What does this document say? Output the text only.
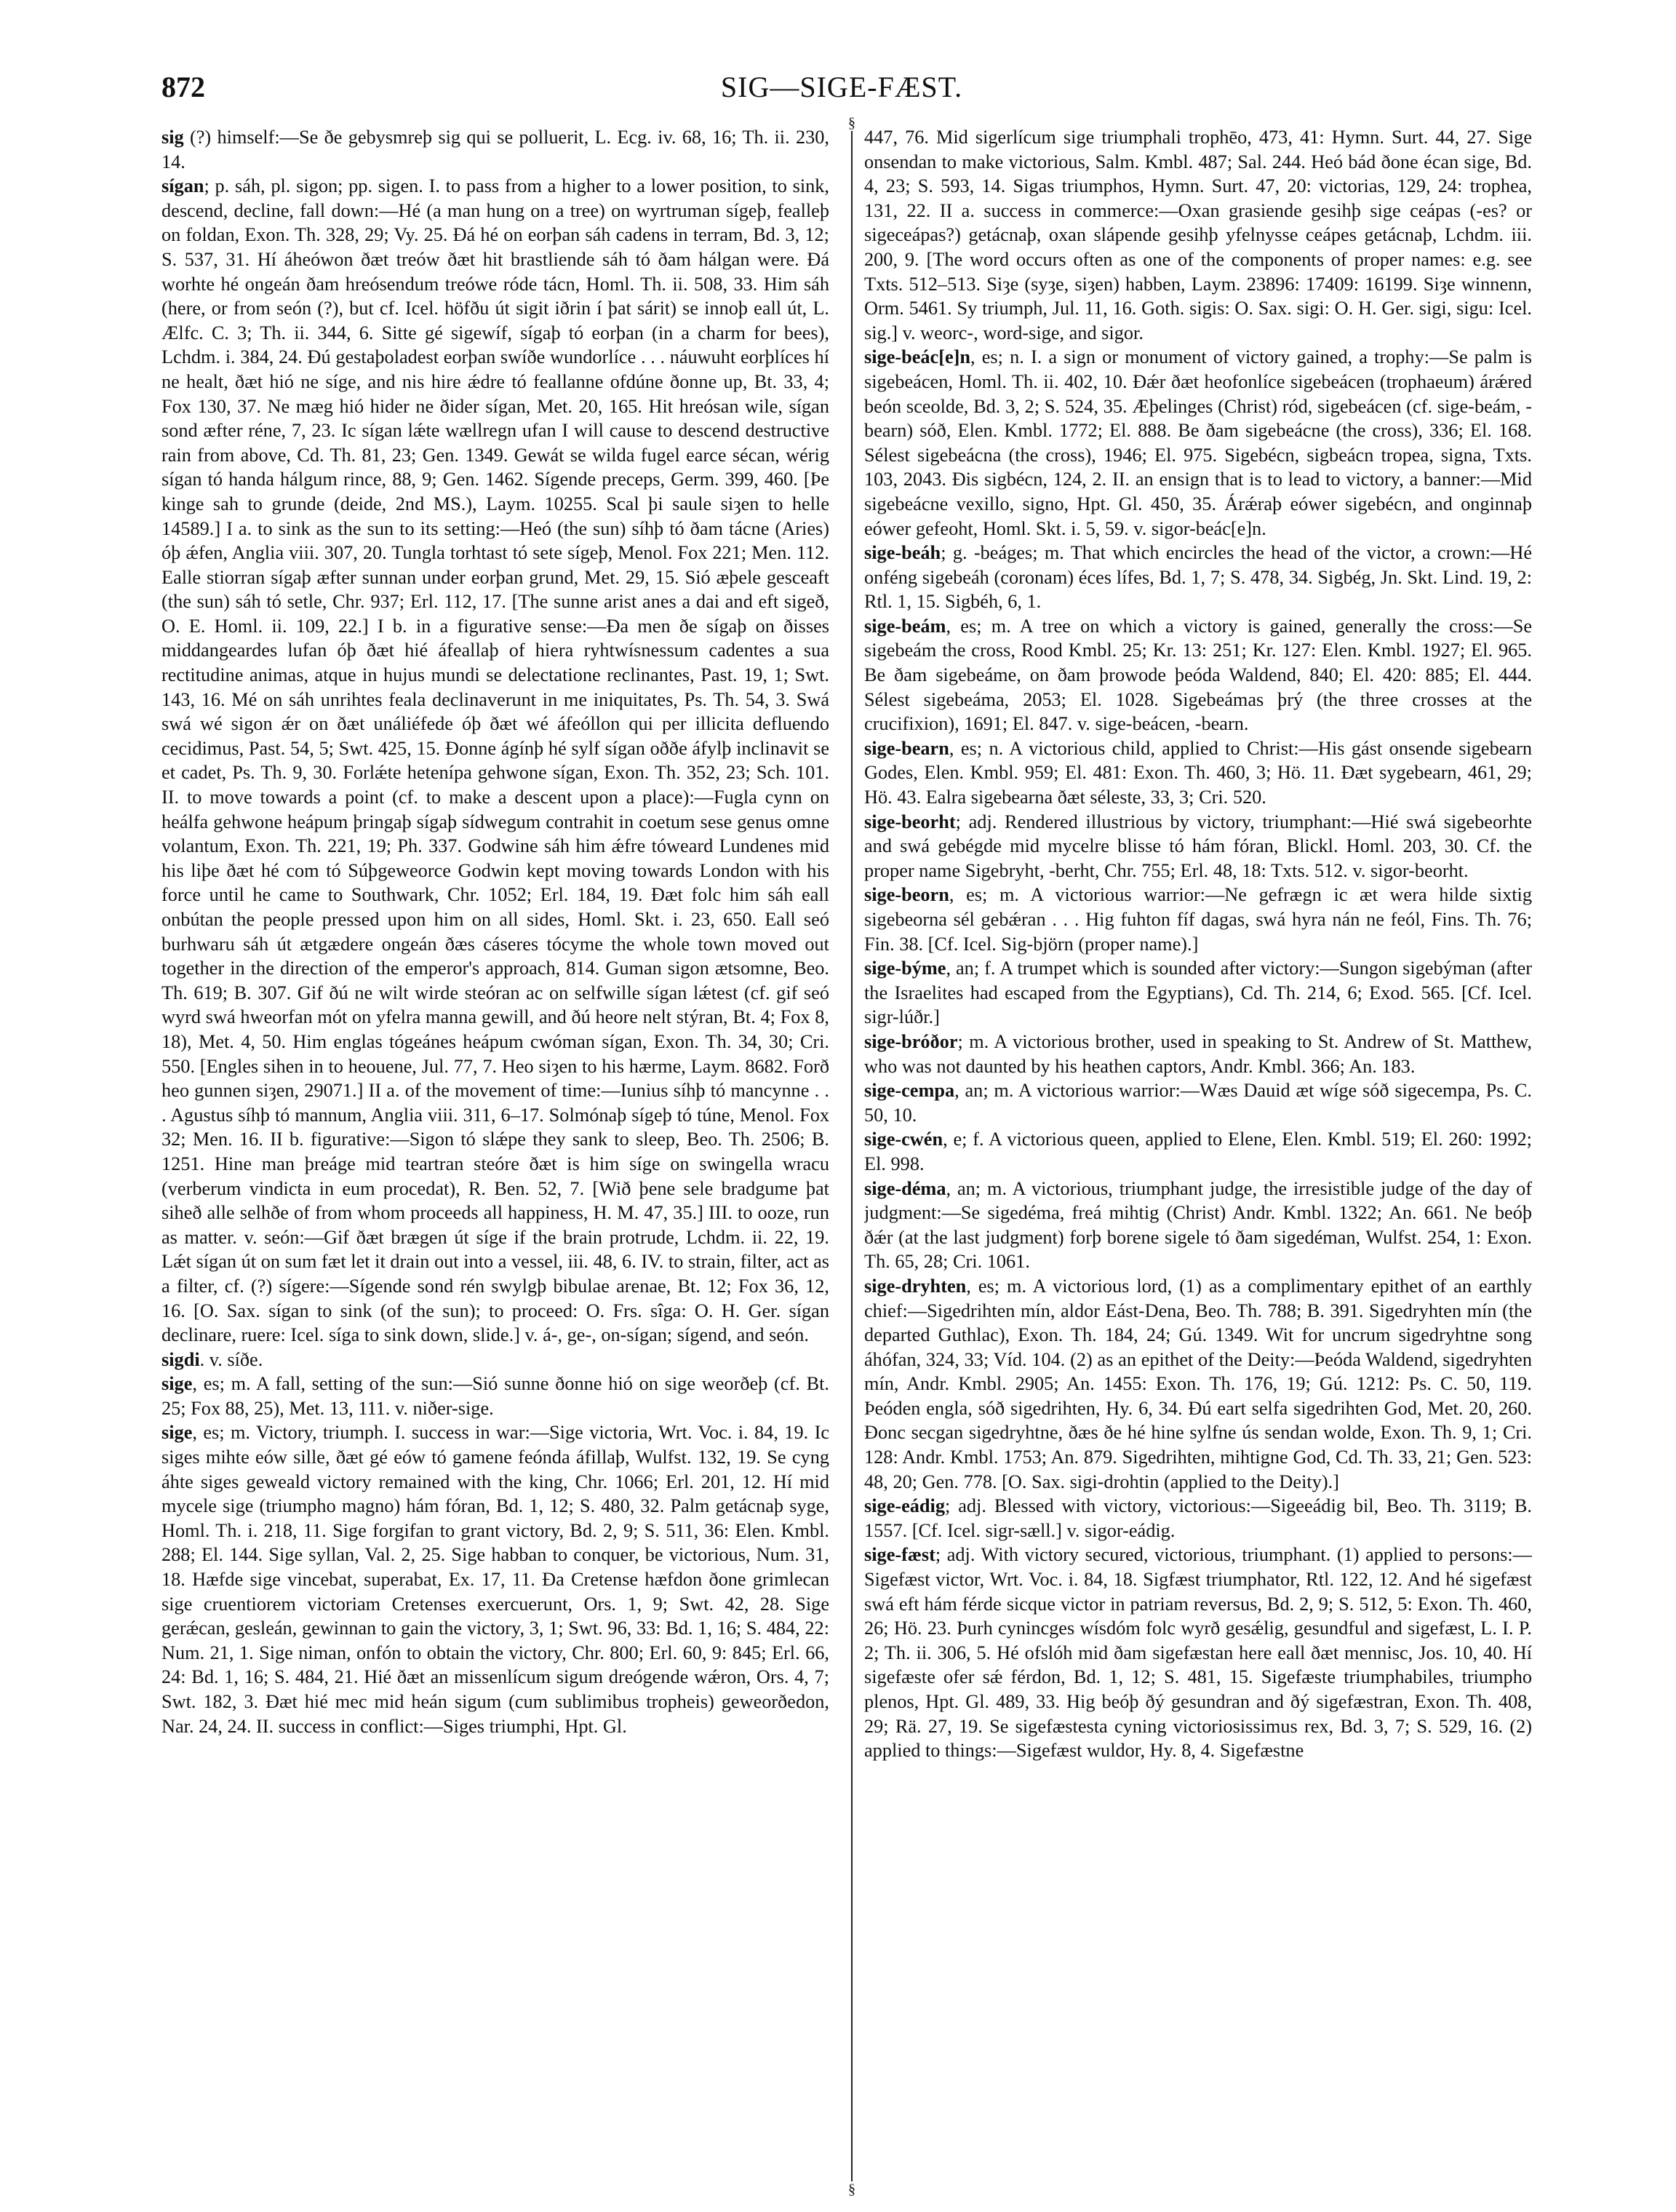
872	SIG—SIGE-FÆST.
§
§

sig (?) himself:—Se ðe gebysmreþ sig qui se polluerit, L. Ecg. iv. 68, 16; Th. ii. 230, 14.

sígan; p. sáh, pl. sigon; pp. sigen. I. to pass from a higher to a lower position, to sink, descend, decline, fall down:—Hé (a man hung on a tree) on wyrtruman sígeþ, fealleþ on foldan, Exon. Th. 328, 29; Vy. 25. Ðá hé on eorþan sáh cadens in terram, Bd. 3, 12; S. 537, 31. Hí áheówon ðæt treów ðæt hit brastliende sáh tó ðam hálgan were. Ðá worhte hé ongeán ðam hreósendum treówe róde tácn, Homl. Th. ii. 508, 33. Him sáh (here, or from seón (?), but cf. Icel. höfðu út sigit iðrin í þat sárit) se innoþ eall út, L. Ælfc. C. 3; Th. ii. 344, 6. Sitte gé sigewíf, sígaþ tó eorþan (in a charm for bees), Lchdm. i. 384, 24. Ðú gestaþoladest eorþan swíðe wundorlíce . . . náuwuht eorþlíces hí ne healt, ðæt hió ne síge, and nis hire ǽdre tó feallanne ofdúne ðonne up, Bt. 33, 4; Fox 130, 37. Ne mæg hió hider ne ðider sígan, Met. 20, 165. Hit hreósan wile, sígan sond æfter réne, 7, 23. Ic sígan lǽte wællregn ufan I will cause to descend destructive rain from above, Cd. Th. 81, 23; Gen. 1349. Gewát se wilda fugel earce sécan, wérig sígan tó handa hálgum rince, 88, 9; Gen. 1462. Sígende preceps, Germ. 399, 460. [Þe kinge sah to grunde (deide, 2nd MS.), Laym. 10255. Scal þi saule siȝen to helle 14589.] I a. to sink as the sun to its setting:—Heó (the sun) síhþ tó ðam tácne (Aries) óþ ǽfen, Anglia viii. 307, 20. Tungla torhtast tó sete sígeþ, Menol. Fox 221; Men. 112. Ealle stiorran sígaþ æfter sunnan under eorþan grund, Met. 29, 15. Sió æþele gesceaft (the sun) sáh tó setle, Chr. 937; Erl. 112, 17. [The sunne arist anes a dai and eft sigeð, O. E. Homl. ii. 109, 22.] I b. in a figurative sense:—Ða men ðe sígaþ on ðisses middangeardes lufan óþ ðæt hié áfeallaþ of hiera ryhtwísnessum cadentes a sua rectitudine animas, atque in hujus mundi se delectatione reclinantes, Past. 19, 1; Swt. 143, 16. Mé on sáh unrihtes feala declinaverunt in me iniquitates, Ps. Th. 54, 3. Swá swá wé sigon ǽr on ðæt unáliéfede óþ ðæt wé áfeóllon qui per illicita defluendo cecidimus, Past. 54, 5; Swt. 425, 15. Ðonne ágínþ hé sylf sígan oððe áfylþ inclinavit se et cadet, Ps. Th. 9, 30. Forlǽte hetenípa gehwone sígan, Exon. Th. 352, 23; Sch. 101. II. to move towards a point (cf. to make a descent upon a place):—Fugla cynn on heálfa gehwone heápum þringaþ sígaþ sídwegum contrahit in coetum sese genus omne volantum, Exon. Th. 221, 19; Ph. 337. Godwine sáh him ǽfre tóweard Lundenes mid his liþe ðæt hé com tó Súþgeweorce Godwin kept moving towards London with his force until he came to Southwark, Chr. 1052; Erl. 184, 19. Ðæt folc him sáh eall onbútan the people pressed upon him on all sides, Homl. Skt. i. 23, 650. Eall seó burhwaru sáh út ætgædere ongeán ðæs cáseres tócyme the whole town moved out together in the direction of the emperor's approach, 814. Guman sigon ætsomne, Beo. Th. 619; B. 307. Gif ðú ne wilt wirde steóran ac on selfwille sígan lǽtest (cf. gif seó wyrd swá hweorfan mót on yfelra manna gewill, and ðú heore nelt stýran, Bt. 4; Fox 8, 18), Met. 4, 50. Him englas tógeánes heápum cwóman sígan, Exon. Th. 34, 30; Cri. 550. [Engles sihen in to heouene, Jul. 77, 7. Heo siȝen to his hærme, Laym. 8682. Forð heo gunnen siȝen, 29071.] II a. of the movement of time:—Iunius síhþ tó mancynne . . . Agustus síhþ tó mannum, Anglia viii. 311, 6–17. Solmónaþ sígeþ tó túne, Menol. Fox 32; Men. 16. II b. figurative:—Sigon tó slǽpe they sank to sleep, Beo. Th. 2506; B. 1251. Hine man þreáge mid teartran steóre ðæt is him síge on swingella wracu (verberum vindicta in eum procedat), R. Ben. 52, 7. [Wið þene sele bradgume þat siheð alle selhðe of from whom proceeds all happiness, H. M. 47, 35.] III. to ooze, run as matter. v. seón:—Gif ðæt brægen út síge if the brain protrude, Lchdm. ii. 22, 19. Lǽt sígan út on sum fæt let it drain out into a vessel, iii. 48, 6. IV. to strain, filter, act as a filter, cf. (?) sígere:—Sígende sond rén swylgþ bibulae arenae, Bt. 12; Fox 36, 12, 16. [O. Sax. sígan to sink (of the sun); to proceed: O. Frs. sîga: O. H. Ger. sígan declinare, ruere: Icel. síga to sink down, slide.] v. á-, ge-, on-sígan; sígend, and seón.

sigdi. v. síðe.

sige, es; m. A fall, setting of the sun:—Sió sunne ðonne hió on sige weorðeþ (cf. Bt. 25; Fox 88, 25), Met. 13, 111. v. niðer-sige.

sige, es; m. Victory, triumph. I. success in war:—Sige victoria, Wrt. Voc. i. 84, 19. Ic siges mihte eów sille, ðæt gé eów tó gamene feónda áfillaþ, Wulfst. 132, 19. Se cyng áhte siges geweald victory remained with the king, Chr. 1066; Erl. 201, 12. Hí mid mycele sige (triumpho magno) hám fóran, Bd. 1, 12; S. 480, 32. Palm getácnaþ syge, Homl. Th. i. 218, 11. Sige forgifan to grant victory, Bd. 2, 9; S. 511, 36: Elen. Kmbl. 288; El. 144. Sige syllan, Val. 2, 25. Sige habban to conquer, be victorious, Num. 31, 18. Hæfde sige vincebat, superabat, Ex. 17, 11. Ða Cretense hæfdon ðone grimlecan sige cruentiorem victoriam Cretenses exercuerunt, Ors. 1, 9; Swt. 42, 28. Sige gerǽcan, gesleán, gewinnan to gain the victory, 3, 1; Swt. 96, 33: Bd. 1, 16; S. 484, 22: Num. 21, 1. Sige niman, onfón to obtain the victory, Chr. 800; Erl. 60, 9: 845; Erl. 66, 24: Bd. 1, 16; S. 484, 21. Hié ðæt an missenlícum sigum dreógende wǽron, Ors. 4, 7; Swt. 182, 3. Ðæt hié mec mid heán sigum (cum sublimibus tropheis) geweorðedon, Nar. 24, 24. II. success in conflict:—Siges triumphi, Hpt. Gl.

447, 76. Mid sigerlícum sige triumphali trophēo, 473, 41: Hymn. Surt. 44, 27. Sige onsendan to make victorious, Salm. Kmbl. 487; Sal. 244. Heó bád ðone écan sige, Bd. 4, 23; S. 593, 14. Sigas triumphos, Hymn. Surt. 47, 20: victorias, 129, 24: trophea, 131, 22. II a. success in commerce:—Oxan grasiende gesihþ sige ceápas (-es? or sigeceápas?) getácnaþ, oxan slápende gesihþ yfelnysse ceápes getácnaþ, Lchdm. iii. 200, 9. [The word occurs often as one of the components of proper names: e.g. see Txts. 512–513. Siȝe (syȝe, siȝen) habben, Laym. 23896: 17409: 16199. Siȝe winnenn, Orm. 5461. Sy triumph, Jul. 11, 16. Goth. sigis: O. Sax. sigi: O. H. Ger. sigi, sigu: Icel. sig.] v. weorc-, word-sige, and sigor.

sige-beác[e]n, es; n. I. a sign or monument of victory gained, a trophy:—Se palm is sigebeácen, Homl. Th. ii. 402, 10. Ðǽr ðæt heofonlíce sigebeácen (trophaeum) árǽred beón sceolde, Bd. 3, 2; S. 524, 35. Æþelinges (Christ) ród, sigebeácen (cf. sige-beám, -bearn) sóð, Elen. Kmbl. 1772; El. 888. Be ðam sigebeácne (the cross), 336; El. 168. Sélest sigebeácna (the cross), 1946; El. 975. Sigebécn, sigbeácn tropea, signa, Txts. 103, 2043. Ðis sigbécn, 124, 2. II. an ensign that is to lead to victory, a banner:—Mid sigebeácne vexillo, signo, Hpt. Gl. 450, 35. Árǽraþ eówer sigebécn, and onginnaþ eówer gefeoht, Homl. Skt. i. 5, 59. v. sigor-beác[e]n.

sige-beáh; g. -beáges; m. That which encircles the head of the victor, a crown:—Hé onféng sigebeáh (coronam) éces lífes, Bd. 1, 7; S. 478, 34. Sigbég, Jn. Skt. Lind. 19, 2: Rtl. 1, 15. Sigbéh, 6, 1.

sige-beám, es; m. A tree on which a victory is gained, generally the cross:—Se sigebeám the cross, Rood Kmbl. 25; Kr. 13: 251; Kr. 127: Elen. Kmbl. 1927; El. 965. Be ðam sigebeáme, on ðam þrowode þeóda Waldend, 840; El. 420: 885; El. 444. Sélest sigebeáma, 2053; El. 1028. Sigebeámas þrý (the three crosses at the crucifixion), 1691; El. 847. v. sige-beácen, -bearn.

sige-bearn, es; n. A victorious child, applied to Christ:—His gást onsende sigebearn Godes, Elen. Kmbl. 959; El. 481: Exon. Th. 460, 3; Hö. 11. Ðæt sygebearn, 461, 29; Hö. 43. Ealra sigebearna ðæt séleste, 33, 3; Cri. 520.

sige-beorht; adj. Rendered illustrious by victory, triumphant:—Hié swá sigebeorhte and swá gebégde mid mycelre blisse tó hám fóran, Blickl. Homl. 203, 30. Cf. the proper name Sigebryht, -berht, Chr. 755; Erl. 48, 18: Txts. 512. v. sigor-beorht.

sige-beorn, es; m. A victorious warrior:—Ne gefrægn ic æt wera hilde sixtig sigebeorna sél gebǽran . . . Hig fuhton fíf dagas, swá hyra nán ne feól, Fins. Th. 76; Fin. 38. [Cf. Icel. Sig-björn (proper name).]

sige-býme, an; f. A trumpet which is sounded after victory:—Sungon sigebýman (after the Israelites had escaped from the Egyptians), Cd. Th. 214, 6; Exod. 565. [Cf. Icel. sigr-lúðr.]

sige-bróðor; m. A victorious brother, used in speaking to St. Andrew of St. Matthew, who was not daunted by his heathen captors, Andr. Kmbl. 366; An. 183.

sige-cempa, an; m. A victorious warrior:—Wæs Dauid æt wíge sóð sigecempa, Ps. C. 50, 10.

sige-cwén, e; f. A victorious queen, applied to Elene, Elen. Kmbl. 519; El. 260: 1992; El. 998.

sige-déma, an; m. A victorious, triumphant judge, the irresistible judge of the day of judgment:—Se sigedéma, freá mihtig (Christ) Andr. Kmbl. 1322; An. 661. Ne beóþ ðǽr (at the last judgment) forþ borene sigele tó ðam sigedéman, Wulfst. 254, 1: Exon. Th. 65, 28; Cri. 1061.

sige-dryhten, es; m. A victorious lord, (1) as a complimentary epithet of an earthly chief:—Sigedrihten mín, aldor Eást-Dena, Beo. Th. 788; B. 391. Sigedryhten mín (the departed Guthlac), Exon. Th. 184, 24; Gú. 1349. Wit for uncrum sigedryhtne song áhófan, 324, 33; Víd. 104. (2) as an epithet of the Deity:—Þeóda Waldend, sigedryhten mín, Andr. Kmbl. 2905; An. 1455: Exon. Th. 176, 19; Gú. 1212: Ps. C. 50, 119. Þeóden engla, sóð sigedrihten, Hy. 6, 34. Ðú eart selfa sigedrihten God, Met. 20, 260. Ðonc secgan sigedryhtne, ðæs ðe hé hine sylfne ús sendan wolde, Exon. Th. 9, 1; Cri. 128: Andr. Kmbl. 1753; An. 879. Sigedrihten, mihtigne God, Cd. Th. 33, 21; Gen. 523: 48, 20; Gen. 778. [O. Sax. sigi-drohtin (applied to the Deity).]

sige-eádig; adj. Blessed with victory, victorious:—Sigeeádig bil, Beo. Th. 3119; B. 1557. [Cf. Icel. sigr-sæll.] v. sigor-eádig.

sige-fæst; adj. With victory secured, victorious, triumphant. (1) applied to persons:—Sigefæst victor, Wrt. Voc. i. 84, 18. Sigfæst triumphator, Rtl. 122, 12. And hé sigefæst swá eft hám férde sicque victor in patriam reversus, Bd. 2, 9; S. 512, 5: Exon. Th. 460, 26; Hö. 23. Þurh cynincges wísdóm folc wyrð gesǽlig, gesundful and sigefæst, L. I. P. 2; Th. ii. 306, 5. Hé ofslóh mid ðam sigefæstan here eall ðæt mennisc, Jos. 10, 40. Hí sigefæste ofer sǽ férdon, Bd. 1, 12; S. 481, 15. Sigefæste triumphabiles, triumpho plenos, Hpt. Gl. 489, 33. Hig beóþ ðý gesundran and ðý sigefæstran, Exon. Th. 408, 29; Rä. 27, 19. Se sigefæstesta cyning victoriosissimus rex, Bd. 3, 7; S. 529, 16. (2) applied to things:—Sigefæst wuldor, Hy. 8, 4. Sigefæstne
